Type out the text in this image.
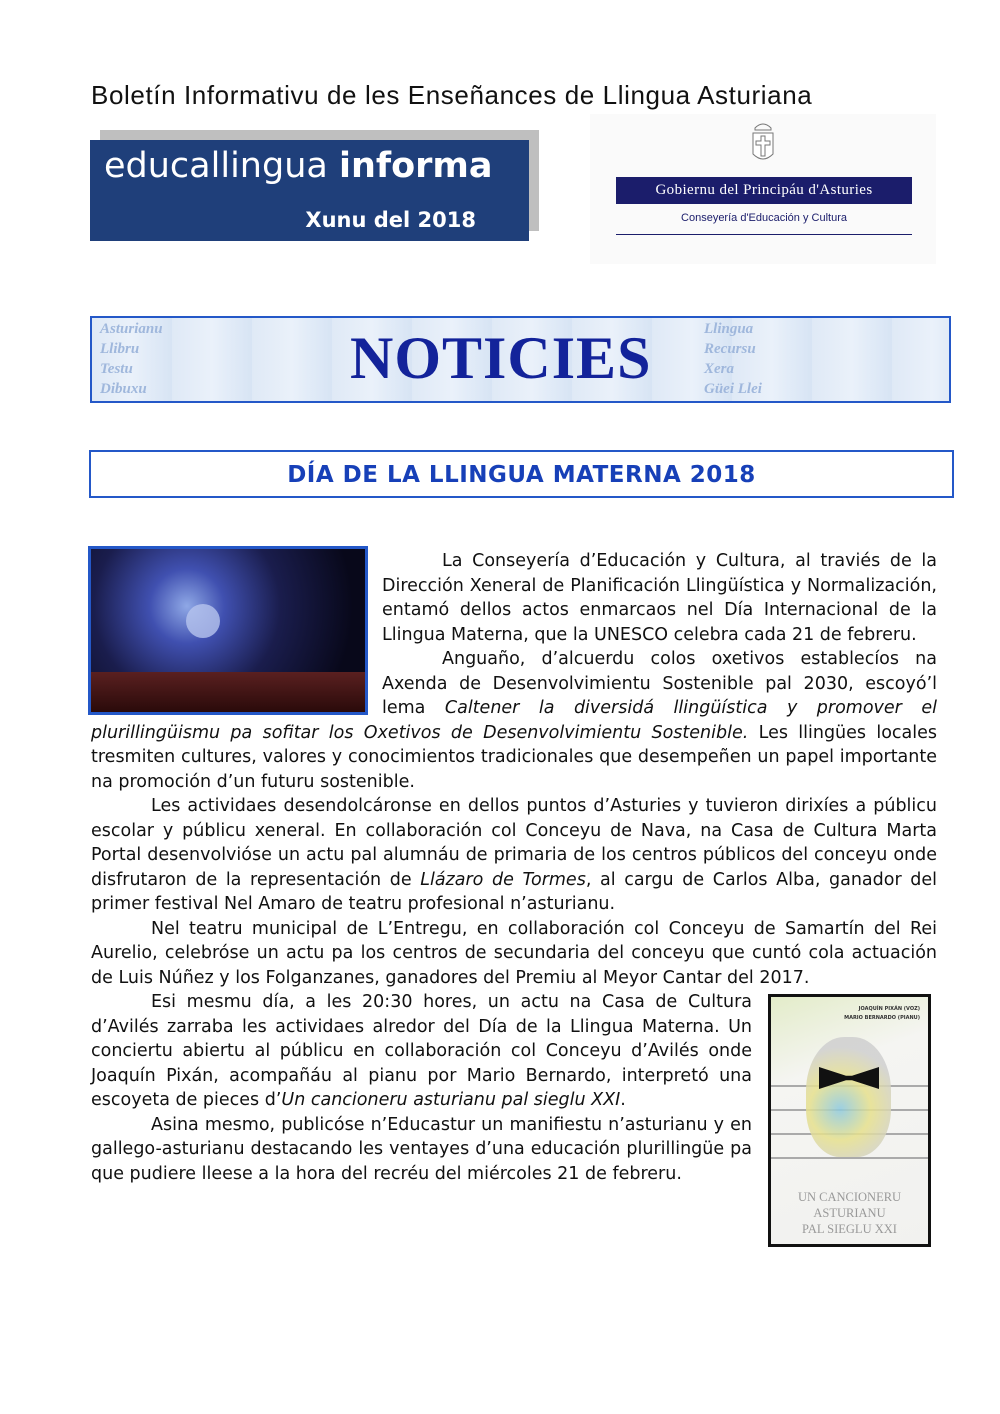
Boletín Informativu de les Enseñances de Llingua Asturiana
educallingua informa
Xunu del 2018
Gobiernu del Principáu d'Asturies
Conseyería d'Educación y Cultura
Asturianu	Llingua
Llibru	Recursu
Testu	Xera
Dibuxu	Güei Llei
NOTICIES
DÍA DE LA LLINGUA MATERNA 2018

La Conseyería d’Educación y Cultura, al traviés de la Dirección Xeneral de Planificación Llingüística y Normalización, entamó dellos actos enmarcaos nel Día Internacional de la Llingua Materna, que la UNESCO celebra cada 21 de febreru.

Anguaño, d’alcuerdu colos oxetivos establecíos na Axenda de Desenvolvimientu Sostenible pal 2030, escoyó’l lema Caltener la diversidá llingüística y promover el plurillingüismu pa sofitar los Oxetivos de Desenvolvimientu Sostenible. Les llingües locales tresmiten cultures, valores y conocimientos tradicionales que desempeñen un papel importante na promoción d’un futuru sostenible.

Les actividaes desendolcáronse en dellos puntos d’Asturies y tuvieron dirixíes a públicu escolar y públicu xeneral. En collaboración col Conceyu de Nava, na Casa de Cultura Marta Portal desenvolvióse un actu pal alumnáu de primaria de los centros públicos del conceyu onde disfrutaron de la representación de Llázaro de Tormes, al cargu de Carlos Alba, ganador del primer festival Nel Amaro de teatru profesional n’asturianu.

Nel teatru municipal de L’Entregu, en collaboración col Conceyu de Samartín del Rei Aurelio, celebróse un actu pa los centros de secundaria del conceyu que cuntó cola actuación de Luis Núñez y los Folganzanes, ganadores del Premiu al Meyor Cantar del 2017.

JOAQUÍN PIXÁN (VOZ)
MARIO BERNARDO (PIANU)
UN CANCIONERU
ASTURIANU
PAL SIEGLU XXI

Esi mesmu día, a les 20:30 hores, un actu na Casa de Cultura d’Avilés zarraba les actividaes alredor del Día de la Llingua Materna. Un conciertu abiertu al públicu en collaboración col Conceyu d’Avilés onde Joaquín Pixán, acompañáu al pianu por Mario Bernardo, interpretó una escoyeta de pieces d’Un cancioneru asturianu pal sieglu XXI.

Asina mesmo, publicóse n’Educastur un manifiestu n’asturianu y en gallego-asturianu destacando les ventayes d’una educación plurillingüe pa que pudiere lleese a la hora del recréu del miércoles 21 de febreru.
